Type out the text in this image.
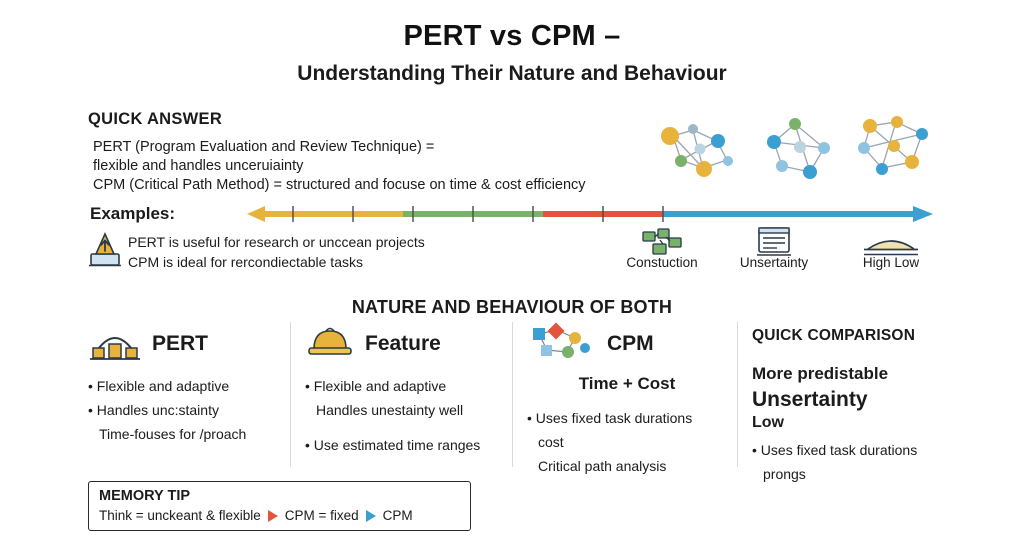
PERT vs CPM –
Understanding Their Nature and Behaviour
QUICK ANSWER
PERT (Program Evaluation and Review Technique) =
flexible and handles unceruiainty
CPM (Critical Path Method) = structured and focuse on time & cost efficiency
Examples:
PERT is useful for research or unccean projects
CPM is ideal for rercondiectable tasks	Constuction	Unsertainty	High Low
NATURE AND BEHAVIOUR OF BOTH
PERT
• Flexible and adaptive
• Handles unc:stainty
Time-fouses for /proach
Feature
• Flexible and adaptive
Handles unestainty well
• Use estimated time ranges
CPM
Time + Cost
• Uses fixed task durations
cost
Critical path analysis
QUICK COMPARISON
More predistable
Unsertainty
Low
• Uses fixed task durations
prongs
MEMORY TIP
Think = unckeant & flexible CPM = fixed CPM
